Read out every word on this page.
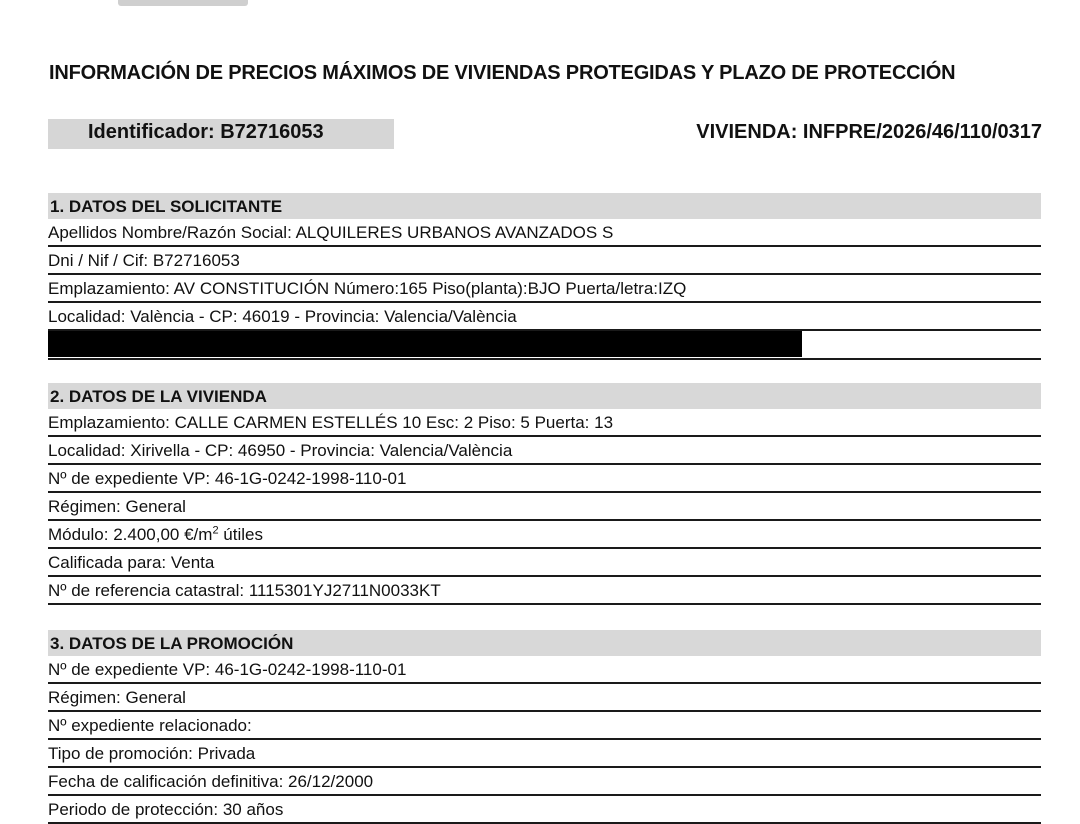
INFORMACIÓN DE PRECIOS MÁXIMOS DE VIVIENDAS PROTEGIDAS Y PLAZO DE PROTECCIÓN
Identificador: B72716053	VIVIENDA: INFPRE/2026/46/110/0317
1. DATOS DEL SOLICITANTE
Apellidos Nombre/Razón Social: ALQUILERES URBANOS AVANZADOS S
Dni / Nif / Cif: B72716053
Emplazamiento: AV CONSTITUCIÓN Número:165 Piso(planta):BJO Puerta/letra:IZQ
Localidad: València - CP: 46019 - Provincia: Valencia/València
2. DATOS DE LA VIVIENDA
Emplazamiento: CALLE CARMEN ESTELLÉS 10 Esc: 2 Piso: 5 Puerta: 13
Localidad: Xirivella - CP: 46950 - Provincia: Valencia/València
Nº de expediente VP: 46-1G-0242-1998-110-01
Régimen: General
Módulo: 2.400,00 $€/m^2$ útiles
Calificada para: Venta
Nº de referencia catastral: 1115301YJ2711N0033KT
3. DATOS DE LA PROMOCIÓN
Nº de expediente VP: 46-1G-0242-1998-110-01
Régimen: General
Nº expediente relacionado:
Tipo de promoción: Privada
Fecha de calificación definitiva: 26/12/2000
Periodo de protección: 30 años
